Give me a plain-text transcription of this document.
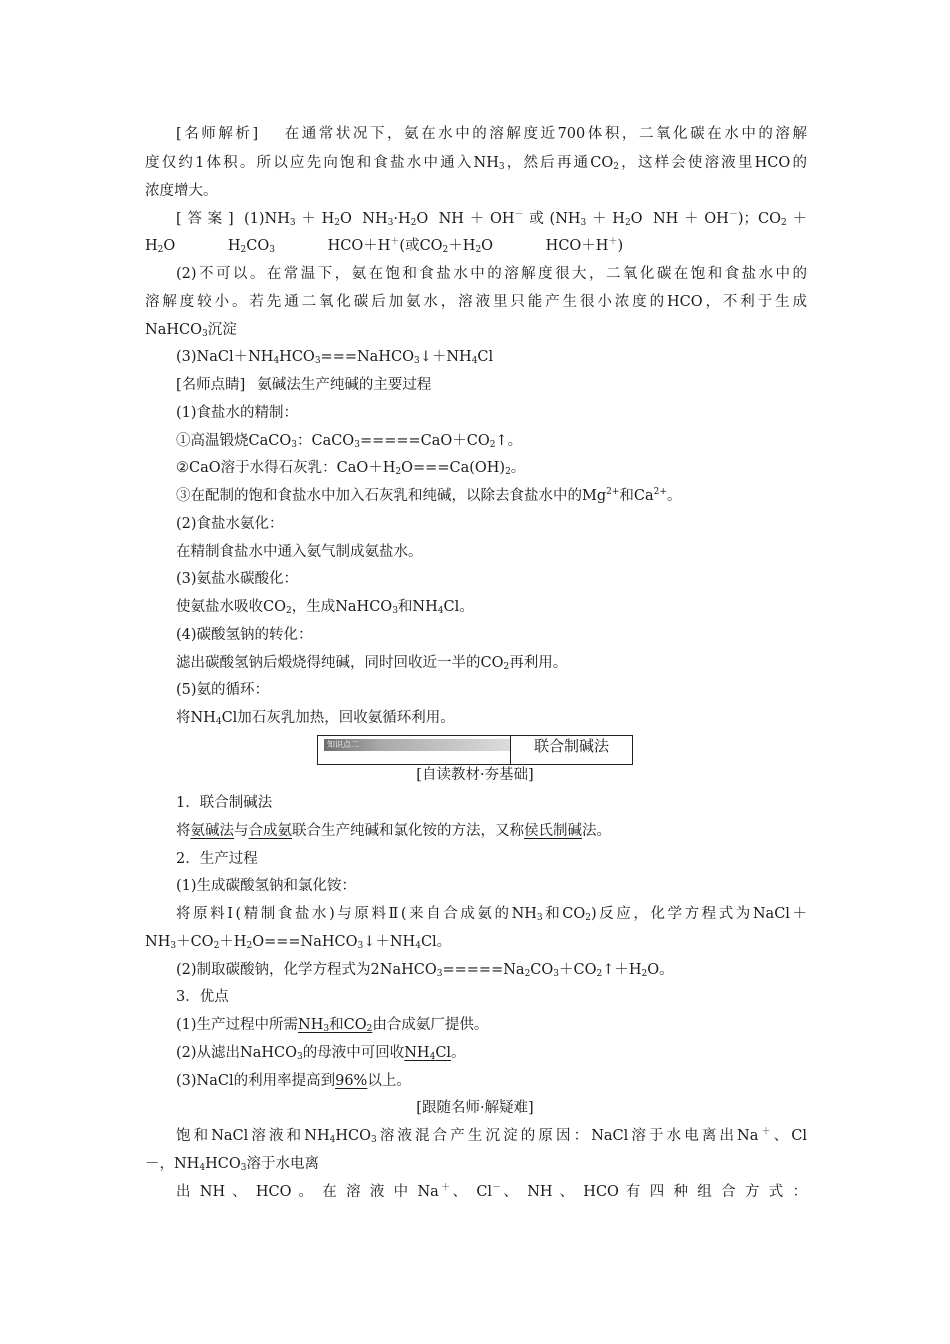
[名师解析] 在通常状况下，氨在水中的溶解度近700体积，二氧化碳在水中的溶解
度仅约1体积。所以应先向饱和食盐水中通入$NH_3$，然后再通$CO_2$，这样会使溶液里HCO的
浓度增大。
[答案] $(1)NH_3+H_2O$ $NH_3\cdot H_2O$ NH＋OH－或($NH_3+H_2O$ NH＋OH－)；$CO_2+$
$H_2O$	$H_2CO_3$	HCO＋H＋(或$CO_2+H_2O$	HCO＋H＋)
(2)不可以。在常温下，氨在饱和食盐水中的溶解度很大，二氧化碳在饱和食盐水中的
溶解度较小。若先通二氧化碳后加氨水，溶液里只能产生很小浓度的HCO，不利于生成
NaHCO$_3$沉淀
$(3)NaCl+NH_4HCO_3===NaHCO_3↓+NH_4Cl$
[名师点睛] 氨碱法生产纯碱的主要过程
(1)食盐水的精制：
①高温锻烧CaCO$_3$：$CaCO_3=====CaO+CO_2↑$。
②CaO溶于水得石灰乳：$CaO+H_2O===Ca(OH)_2$。
③在配制的饱和食盐水中加入石灰乳和纯碱，以除去食盐水中的$Mg^{2+}$和$Ca^{2+}$。
(2)食盐水氨化：
在精制食盐水中通入氨气制成氨盐水。
(3)氨盐水碳酸化：
使氨盐水吸收$CO_2$，生成NaHCO$_3$和$NH_4Cl$。
(4)碳酸氢钠的转化：
滤出碳酸氢钠后煅烧得纯碱，同时回收近一半的$CO_2$再利用。
(5)氨的循环：
将$NH_4Cl$加石灰乳加热，回收氨循环利用。
知识点二	联合制碱法
[自读教材·夯基础]
1．联合制碱法
将氨碱法与合成氨联合生产纯碱和氯化铵的方法，又称侯氏制碱法。
2．生产过程
(1)生成碳酸氢钠和氯化铵：
将原料Ⅰ(精制食盐水)与原料Ⅱ(来自合成氨的$NH_3$和$CO_2$)反应，化学方程式为NaCl＋
$NH_3+CO_2+H_2O===NaHCO_3↓+NH_4Cl$。
(2)制取碳酸钠，化学方程式为$2NaHCO_3=====Na_2CO_3+CO_2↑+H_2O$。
3．优点
(1)生产过程中所需$NH_3$和$CO_2$由合成氨厂提供。
(2)从滤出NaHCO$_3$的母液中可回收$NH_4Cl$。
(3)NaCl的利用率提高到96%以上。
[跟随名师·解疑难]
饱和NaCl溶液和$NH_4HCO_3$溶液混合产生沉淀的原因：NaCl溶于水电离出Na＋、Cl
－，$NH_4HCO_3$溶于水电离
出 NH 、 HCO 。 在 溶 液 中 Na＋、 Cl－、 NH 、 HCO 有 四 种 组 合 方 式 ：
